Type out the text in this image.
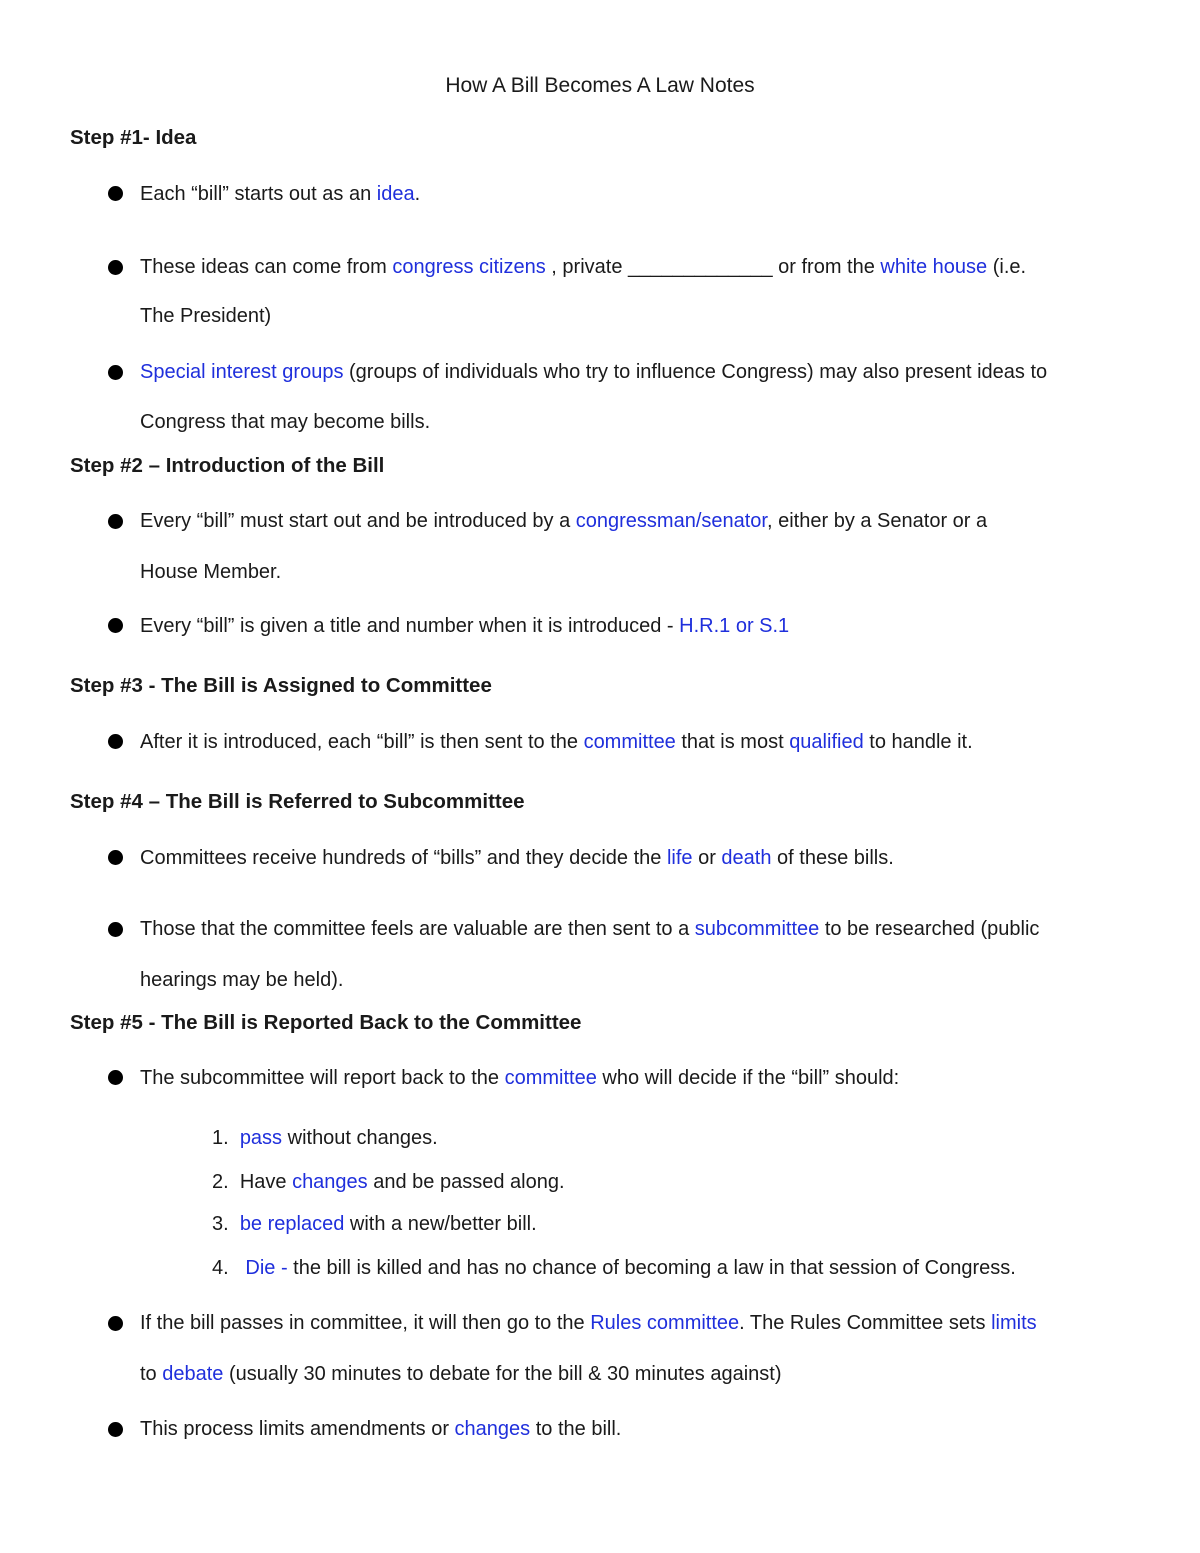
How A Bill Becomes A Law Notes

Step #1- Idea

Each “bill” starts out as an idea.

These ideas can come from congress citizens , private _____________ or from the white house (i.e.

The President)

Special interest groups (groups of individuals who try to influence Congress) may also present ideas to

Congress that may become bills.

Step #2 – Introduction of the Bill

Every “bill” must start out and be introduced by a congressman/senator, either by a Senator or a

House Member.

Every “bill” is given a title and number when it is introduced - H.R.1 or S.1

Step #3 - The Bill is Assigned to Committee

After it is introduced, each “bill” is then sent to the committee that is most qualified to handle it.

Step #4 – The Bill is Referred to Subcommittee

Committees receive hundreds of “bills” and they decide the life or death of these bills.

Those that the committee feels are valuable are then sent to a subcommittee to be researched (public

hearings may be held).

Step #5 - The Bill is Reported Back to the Committee

The subcommittee will report back to the committee who will decide if the “bill” should:

1. pass without changes.

2. Have changes and be passed along.

3. be replaced with a new/better bill.

4. Die - the bill is killed and has no chance of becoming a law in that session of Congress.

If the bill passes in committee, it will then go to the Rules committee. The Rules Committee sets limits

to debate (usually 30 minutes to debate for the bill & 30 minutes against)

This process limits amendments or changes to the bill.
